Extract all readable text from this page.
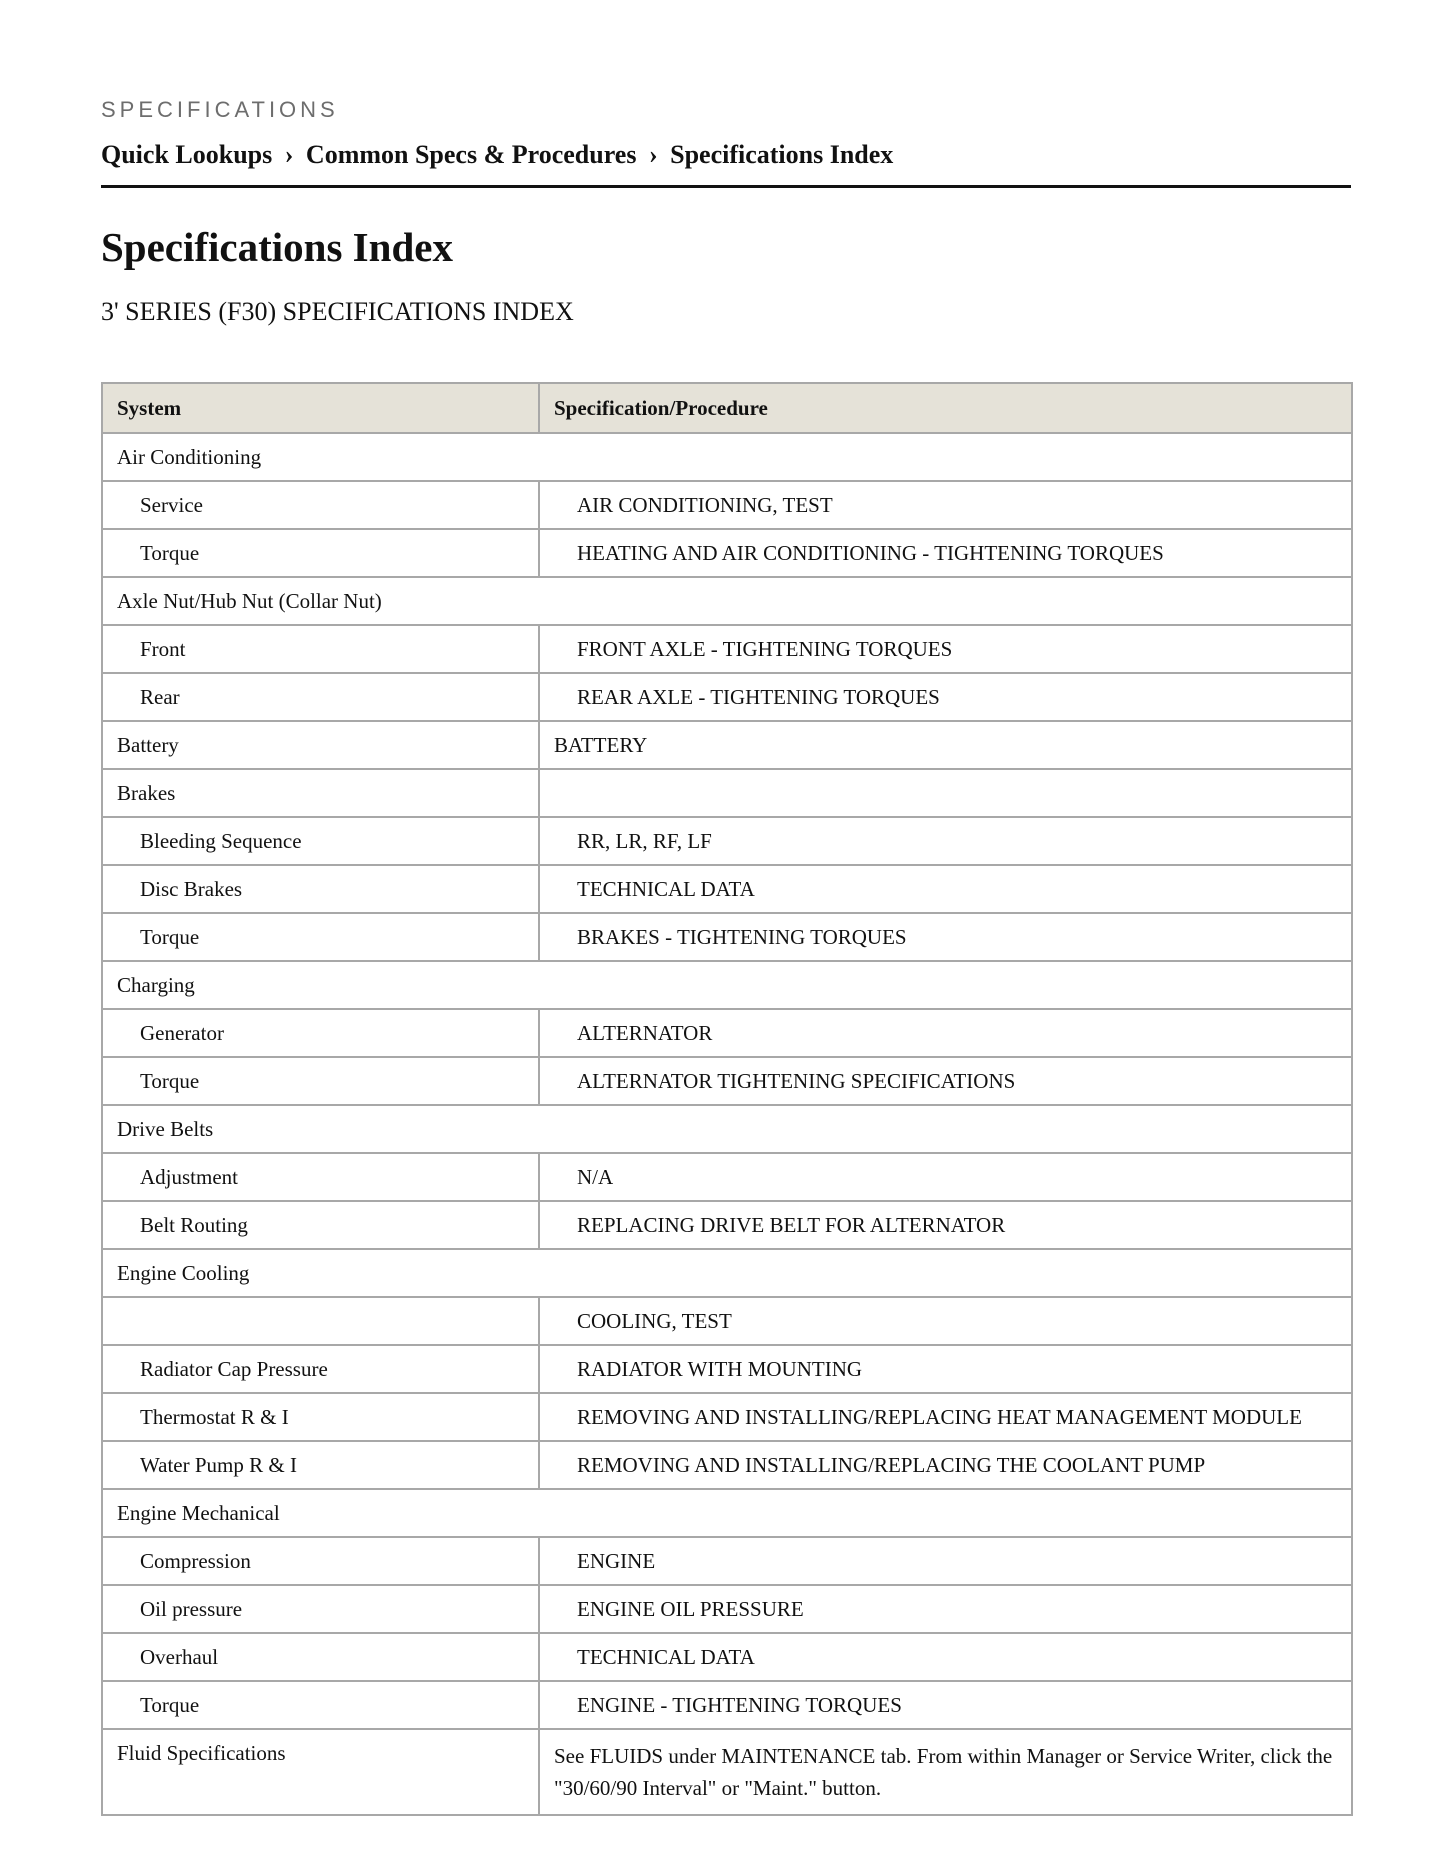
SPECIFICATIONS
Quick Lookups › Common Specs & Procedures › Specifications Index
Specifications Index
3' SERIES (F30) SPECIFICATIONS INDEX
System	Specification/Procedure
Air Conditioning	
Service	AIR CONDITIONING, TEST
Torque	HEATING AND AIR CONDITIONING - TIGHTENING TORQUES
Axle Nut/Hub Nut (Collar Nut)	
Front	FRONT AXLE - TIGHTENING TORQUES
Rear	REAR AXLE - TIGHTENING TORQUES
Battery	BATTERY
Brakes	
Bleeding Sequence	RR, LR, RF, LF
Disc Brakes	TECHNICAL DATA
Torque	BRAKES - TIGHTENING TORQUES
Charging	
Generator	ALTERNATOR
Torque	ALTERNATOR TIGHTENING SPECIFICATIONS
Drive Belts	
Adjustment	N/A
Belt Routing	REPLACING DRIVE BELT FOR ALTERNATOR
Engine Cooling	
	COOLING, TEST
Radiator Cap Pressure	RADIATOR WITH MOUNTING
Thermostat R & I	REMOVING AND INSTALLING/REPLACING HEAT MANAGEMENT MODULE
Water Pump R & I	REMOVING AND INSTALLING/REPLACING THE COOLANT PUMP
Engine Mechanical	
Compression	ENGINE
Oil pressure	ENGINE OIL PRESSURE
Overhaul	TECHNICAL DATA
Torque	ENGINE - TIGHTENING TORQUES
Fluid Specifications	See FLUIDS under MAINTENANCE tab. From within Manager or Service Writer, click the "30/60/90 Interval" or "Maint." button.
